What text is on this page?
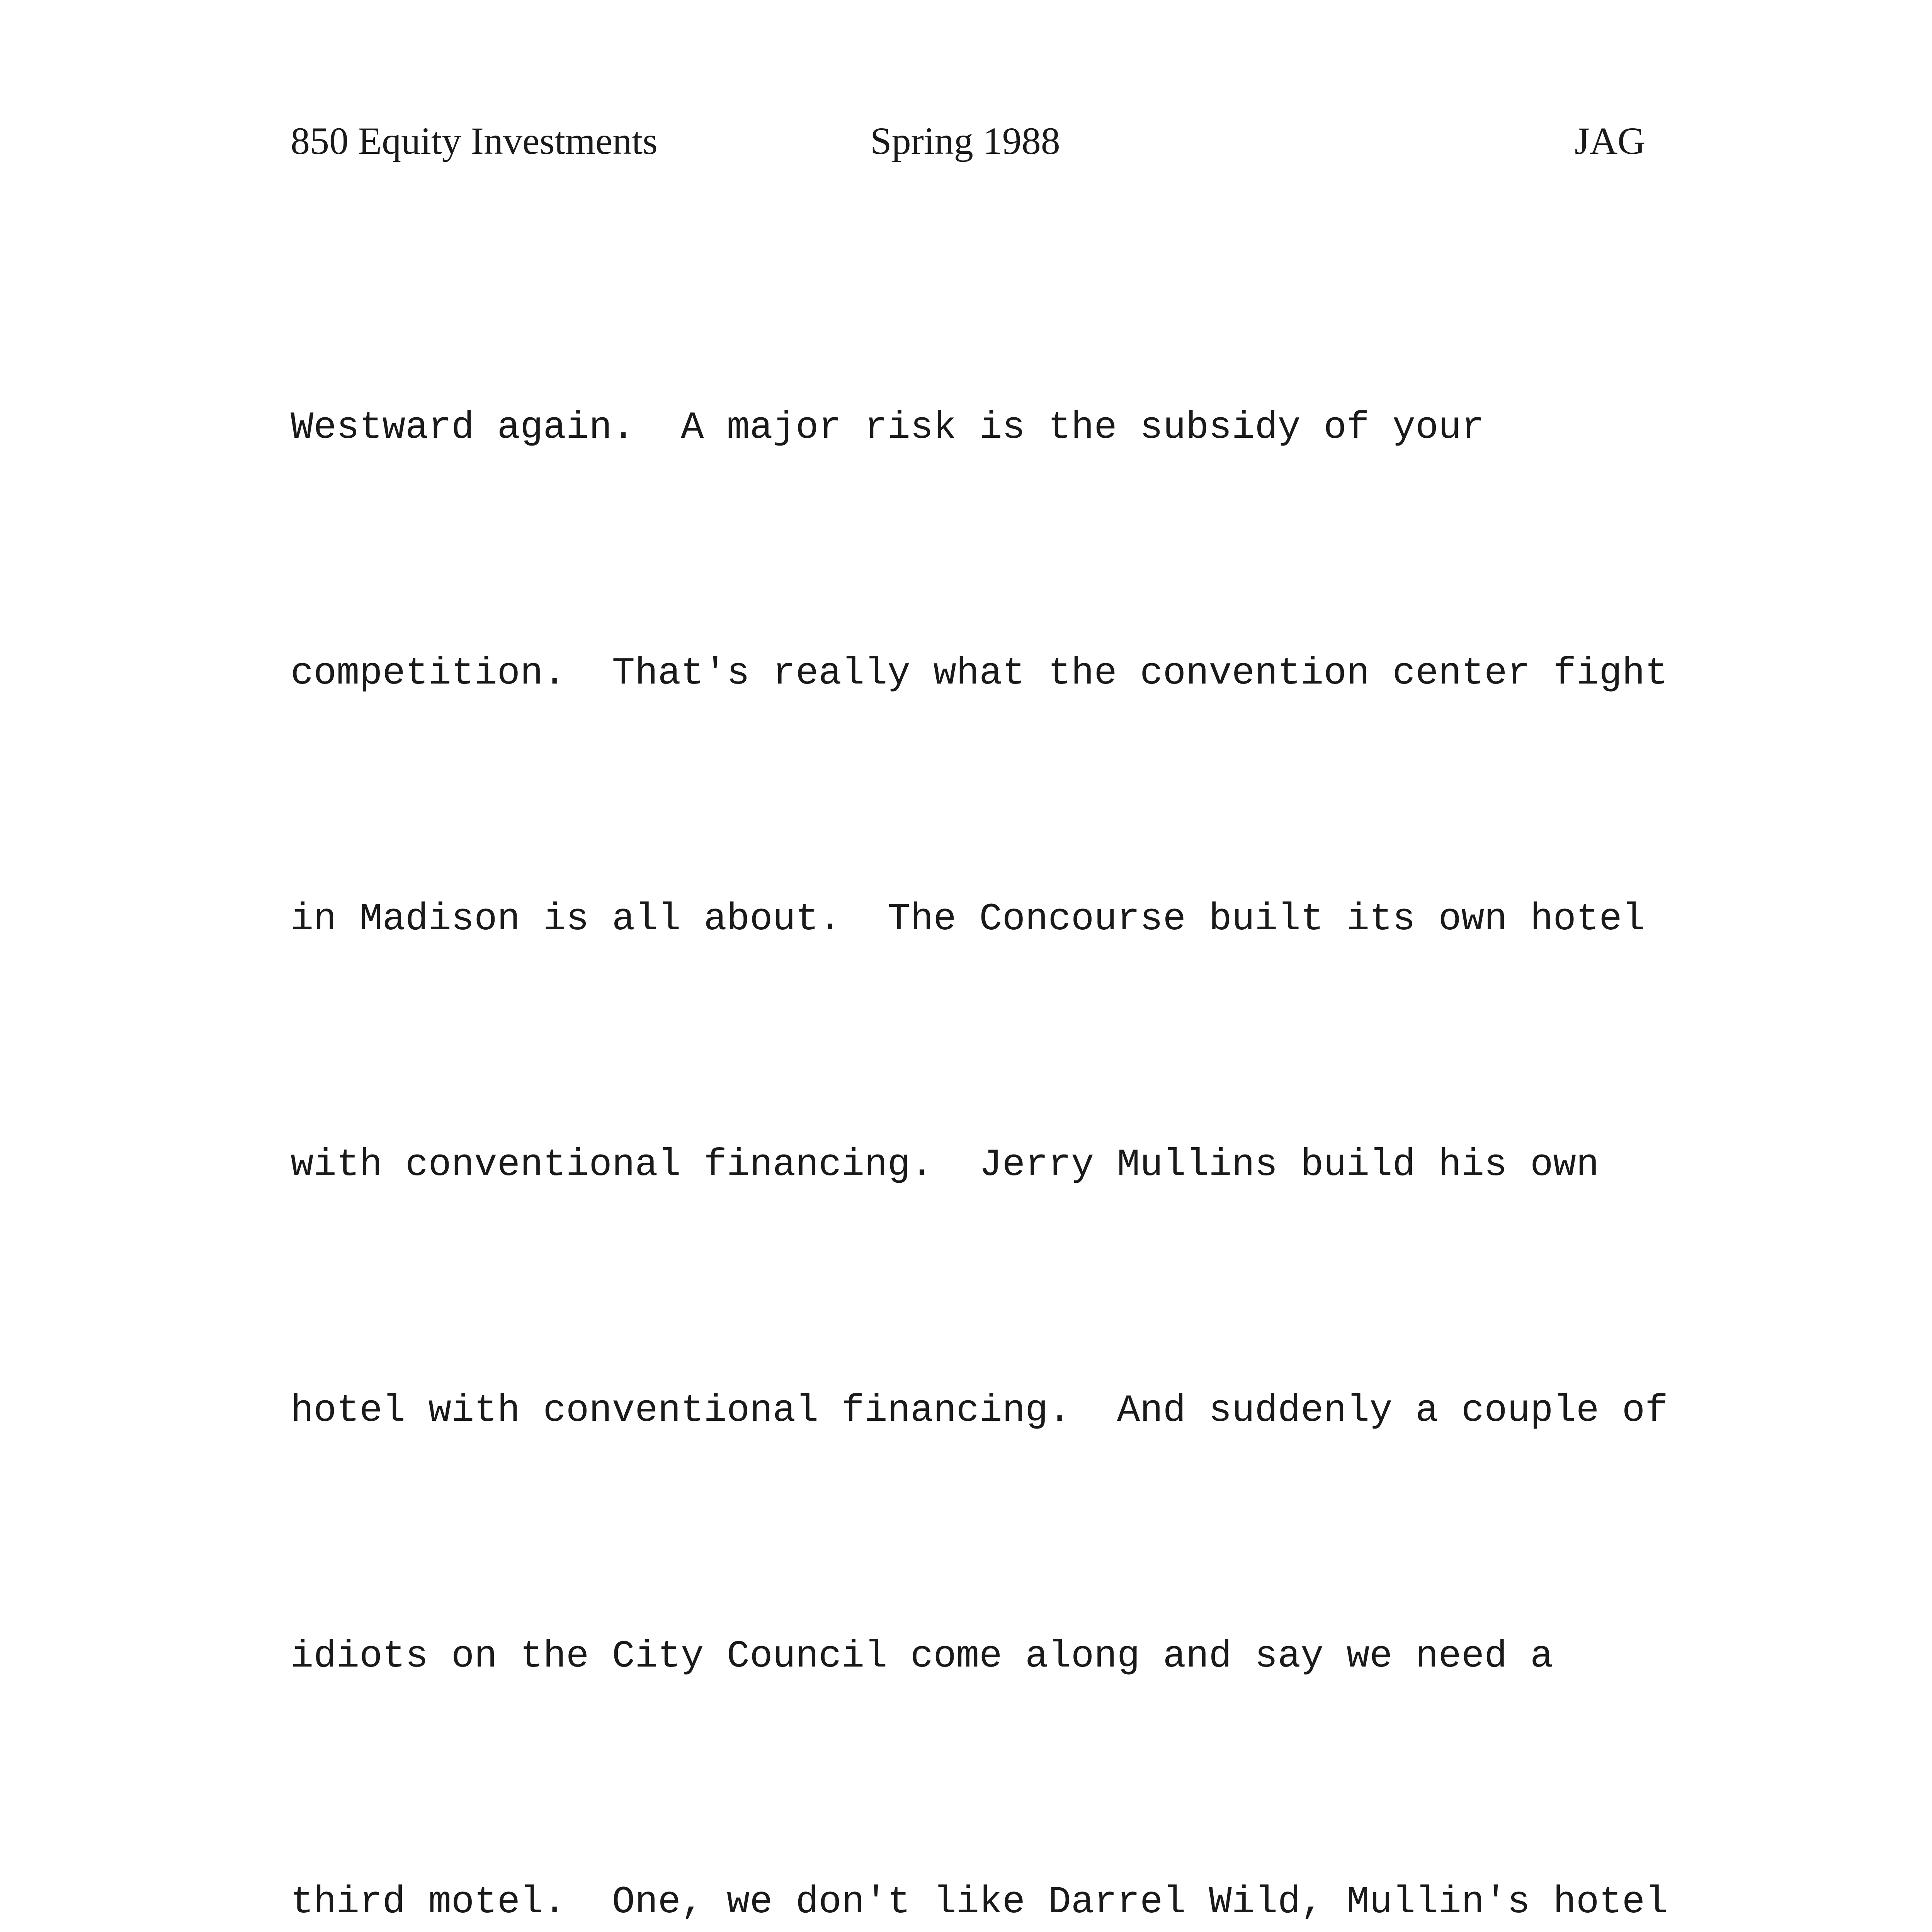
850 Equity Investments	Spring 1988	JAG

Westward again.  A major risk is the subsidy of your

competition.  That's really what the convention center fight

in Madison is all about.  The Concourse built its own hotel

with conventional financing.  Jerry Mullins build his own

hotel with conventional financing.  And suddenly a couple of

idiots on the City Council come along and say we need a

third motel.  One, we don't like Darrel Wild, Mullin's hotel
